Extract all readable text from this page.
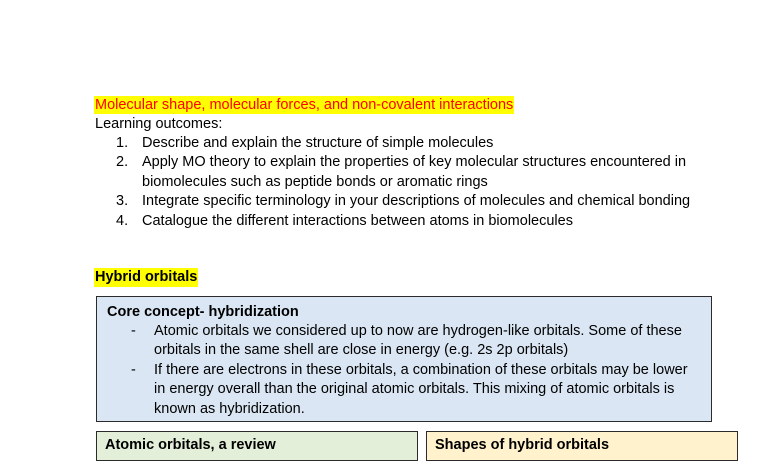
Molecular shape, molecular forces, and non-covalent interactions
Learning outcomes:
1. Describe and explain the structure of simple molecules
2. Apply MO theory to explain the properties of key molecular structures encountered in biomolecules such as peptide bonds or aromatic rings
3. Integrate specific terminology in your descriptions of molecules and chemical bonding
4. Catalogue the different interactions between atoms in biomolecules
Hybrid orbitals
Core concept- hybridization
- Atomic orbitals we considered up to now are hydrogen-like orbitals. Some of these orbitals in the same shell are close in energy (e.g. 2s 2p orbitals)
- If there are electrons in these orbitals, a combination of these orbitals may be lower in energy overall than the original atomic orbitals. This mixing of atomic orbitals is known as hybridization.
Atomic orbitals, a review	Shapes of hybrid orbitals
